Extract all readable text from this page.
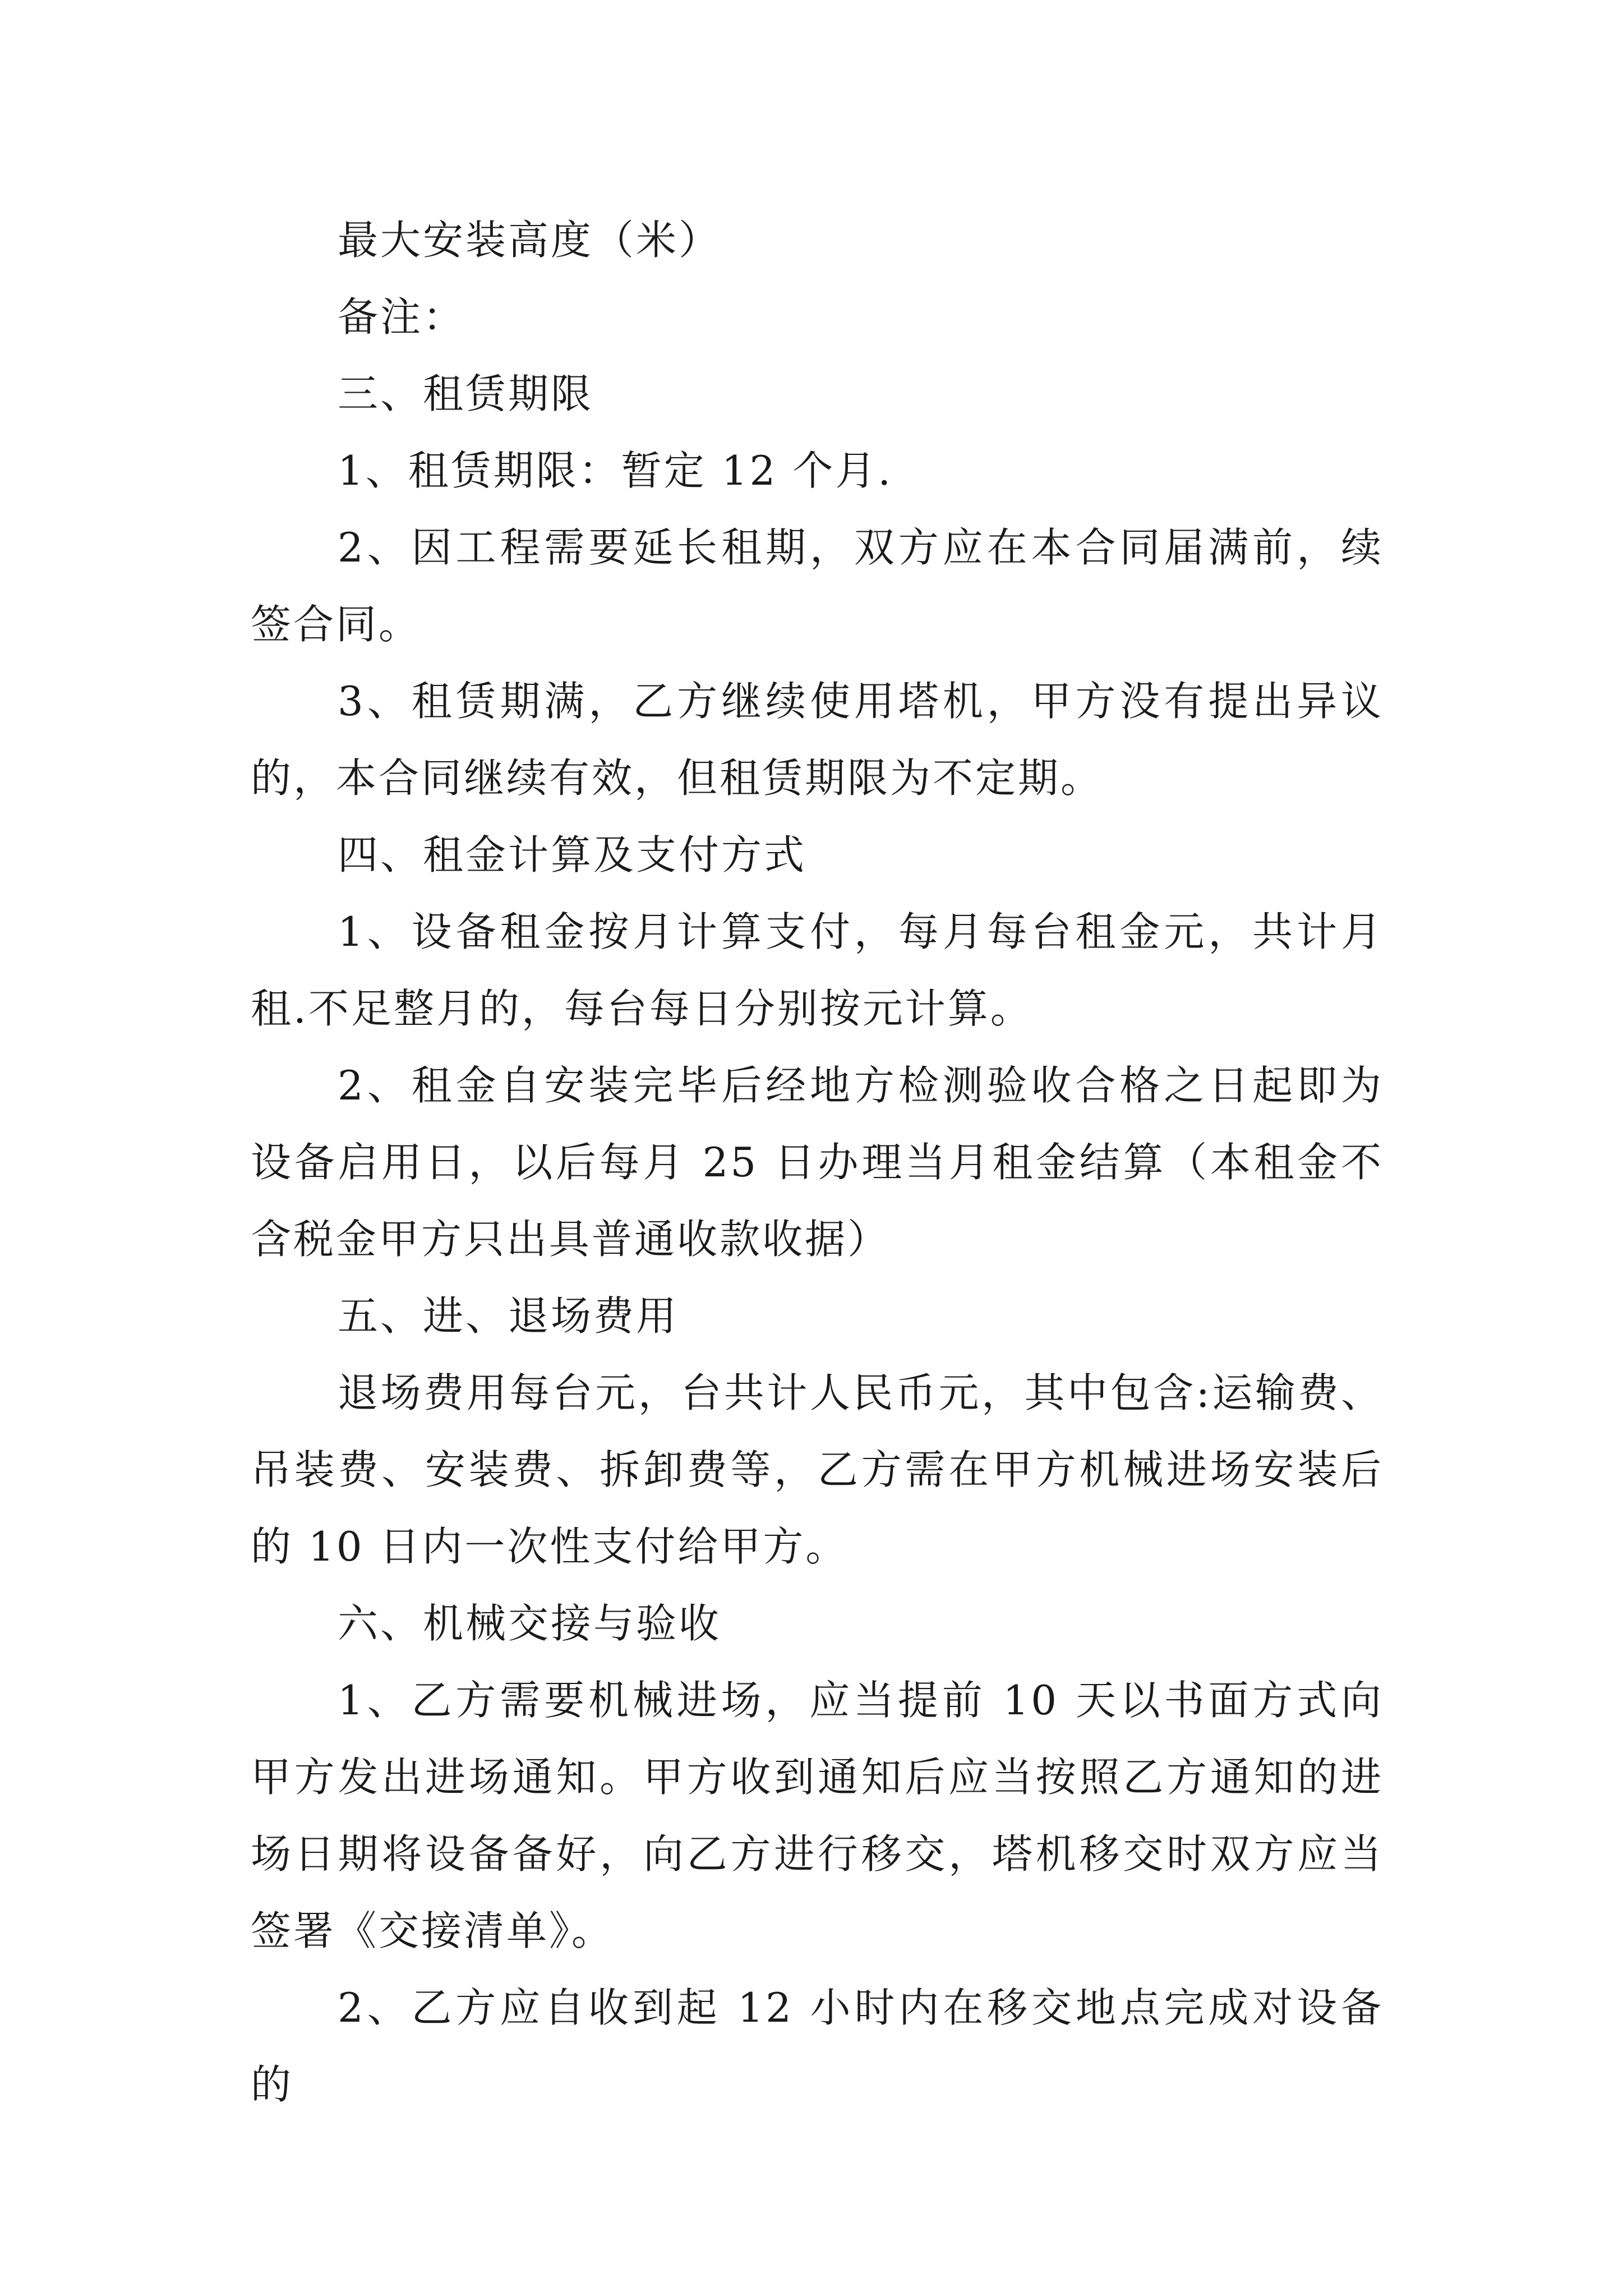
最大安装高度（米）

备注：

三、租赁期限

1、租赁期限：暂定 12 个月.

2、因工程需要延长租期，双方应在本合同届满前，续签合同。

3、租赁期满，乙方继续使用塔机，甲方没有提出异议的，本合同继续有效，但租赁期限为不定期。

四、租金计算及支付方式

1、设备租金按月计算支付，每月每台租金元，共计月租.不足整月的，每台每日分别按元计算。

2、租金自安装完毕后经地方检测验收合格之日起即为设备启用日，以后每月 25 日办理当月租金结算（本租金不含税金甲方只出具普通收款收据）

五、进、退场费用

退场费用每台元，台共计人民币元，其中包含:运输费、吊装费、安装费、拆卸费等，乙方需在甲方机械进场安装后的 10 日内一次性支付给甲方。

六、机械交接与验收

1、乙方需要机械进场，应当提前 10 天以书面方式向甲方发出进场通知。甲方收到通知后应当按照乙方通知的进场日期将设备备好，向乙方进行移交，塔机移交时双方应当签署《交接清单》。

2、乙方应自收到起 12 小时内在移交地点完成对设备的
